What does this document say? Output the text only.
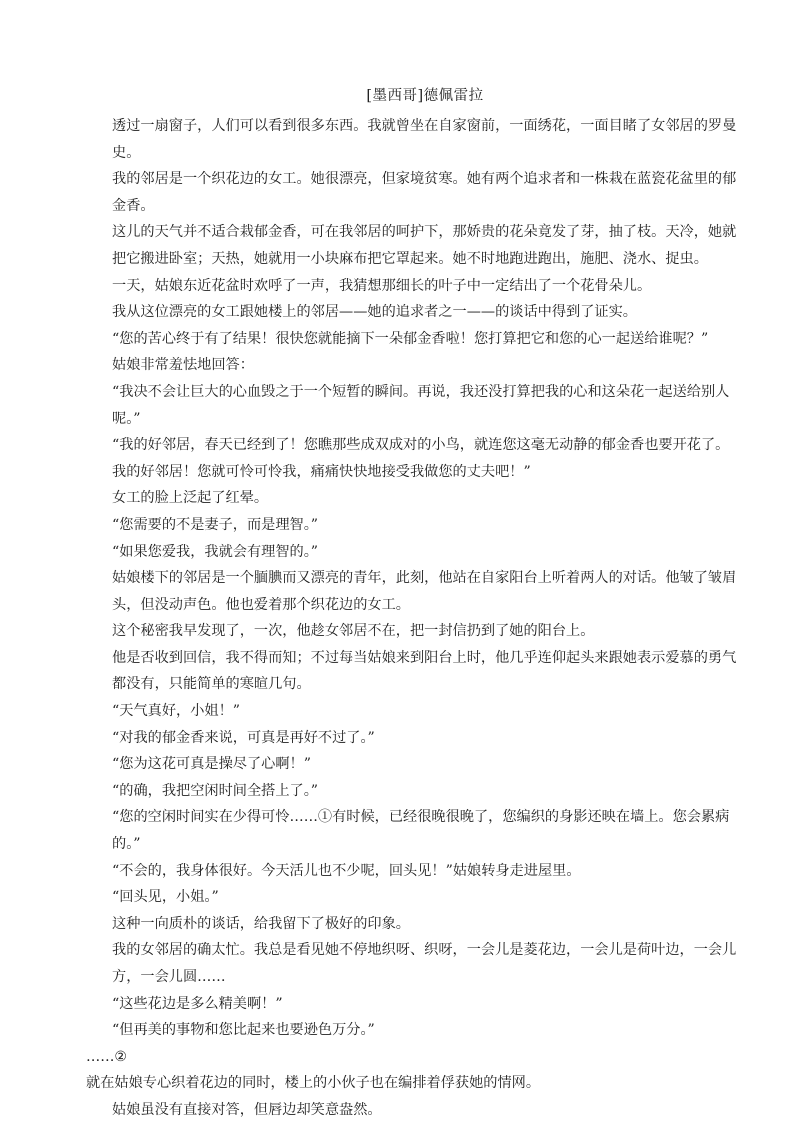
[墨西哥]德佩雷拉

透过一扇窗子，人们可以看到很多东西。我就曾坐在自家窗前，一面绣花，一面目睹了女邻居的罗曼史。

我的邻居是一个织花边的女工。她很漂亮，但家境贫寒。她有两个追求者和一株栽在蓝瓷花盆里的郁金香。

这儿的天气并不适合栽郁金香，可在我邻居的呵护下，那娇贵的花朵竟发了芽，抽了枝。天冷，她就把它搬进卧室；天热，她就用一小块麻布把它罩起来。她不时地跑进跑出，施肥、浇水、捉虫。

一天，姑娘东近花盆时欢呼了一声，我猜想那细长的叶子中一定结出了一个花骨朵儿。

我从这位漂亮的女工跟她楼上的邻居——她的追求者之一——的谈话中得到了证实。

“您的苦心终于有了结果！很快您就能摘下一朵郁金香啦！您打算把它和您的心一起送给谁呢？”

姑娘非常羞怯地回答：

“我决不会让巨大的心血毁之于一个短暂的瞬间。再说，我还没打算把我的心和这朵花一起送给别人呢。”

“我的好邻居，春天已经到了！您瞧那些成双成对的小鸟，就连您这毫无动静的郁金香也要开花了。我的好邻居！您就可怜可怜我，痛痛快快地接受我做您的丈夫吧！”

女工的脸上泛起了红晕。

“您需要的不是妻子，而是理智。”

“如果您爱我，我就会有理智的。”

姑娘楼下的邻居是一个腼腆而又漂亮的青年，此刻，他站在自家阳台上听着两人的对话。他皱了皱眉头，但没动声色。他也爱着那个织花边的女工。

这个秘密我早发现了，一次，他趁女邻居不在，把一封信扔到了她的阳台上。

他是否收到回信，我不得而知；不过每当姑娘来到阳台上时，他几乎连仰起头来跟她表示爱慕的勇气都没有，只能简单的寒暄几句。

“天气真好，小姐！”

“对我的郁金香来说，可真是再好不过了。”

“您为这花可真是操尽了心啊！”

“的确，我把空闲时间全搭上了。”

“您的空闲时间实在少得可怜……①有时候，已经很晚很晚了，您编织的身影还映在墙上。您会累病的。”

“不会的，我身体很好。今天活儿也不少呢，回头见！”姑娘转身走进屋里。

“回头见，小姐。”

这种一向质朴的谈话，给我留下了极好的印象。

我的女邻居的确太忙。我总是看见她不停地织呀、织呀，一会儿是菱花边，一会儿是荷叶边，一会儿方，一会儿圆……

“这些花边是多么精美啊！”

“但再美的事物和您比起来也要逊色万分。”

……②

就在姑娘专心织着花边的同时，楼上的小伙子也在编排着俘获她的情网。

姑娘虽没有直接对答，但唇边却笑意盎然。
